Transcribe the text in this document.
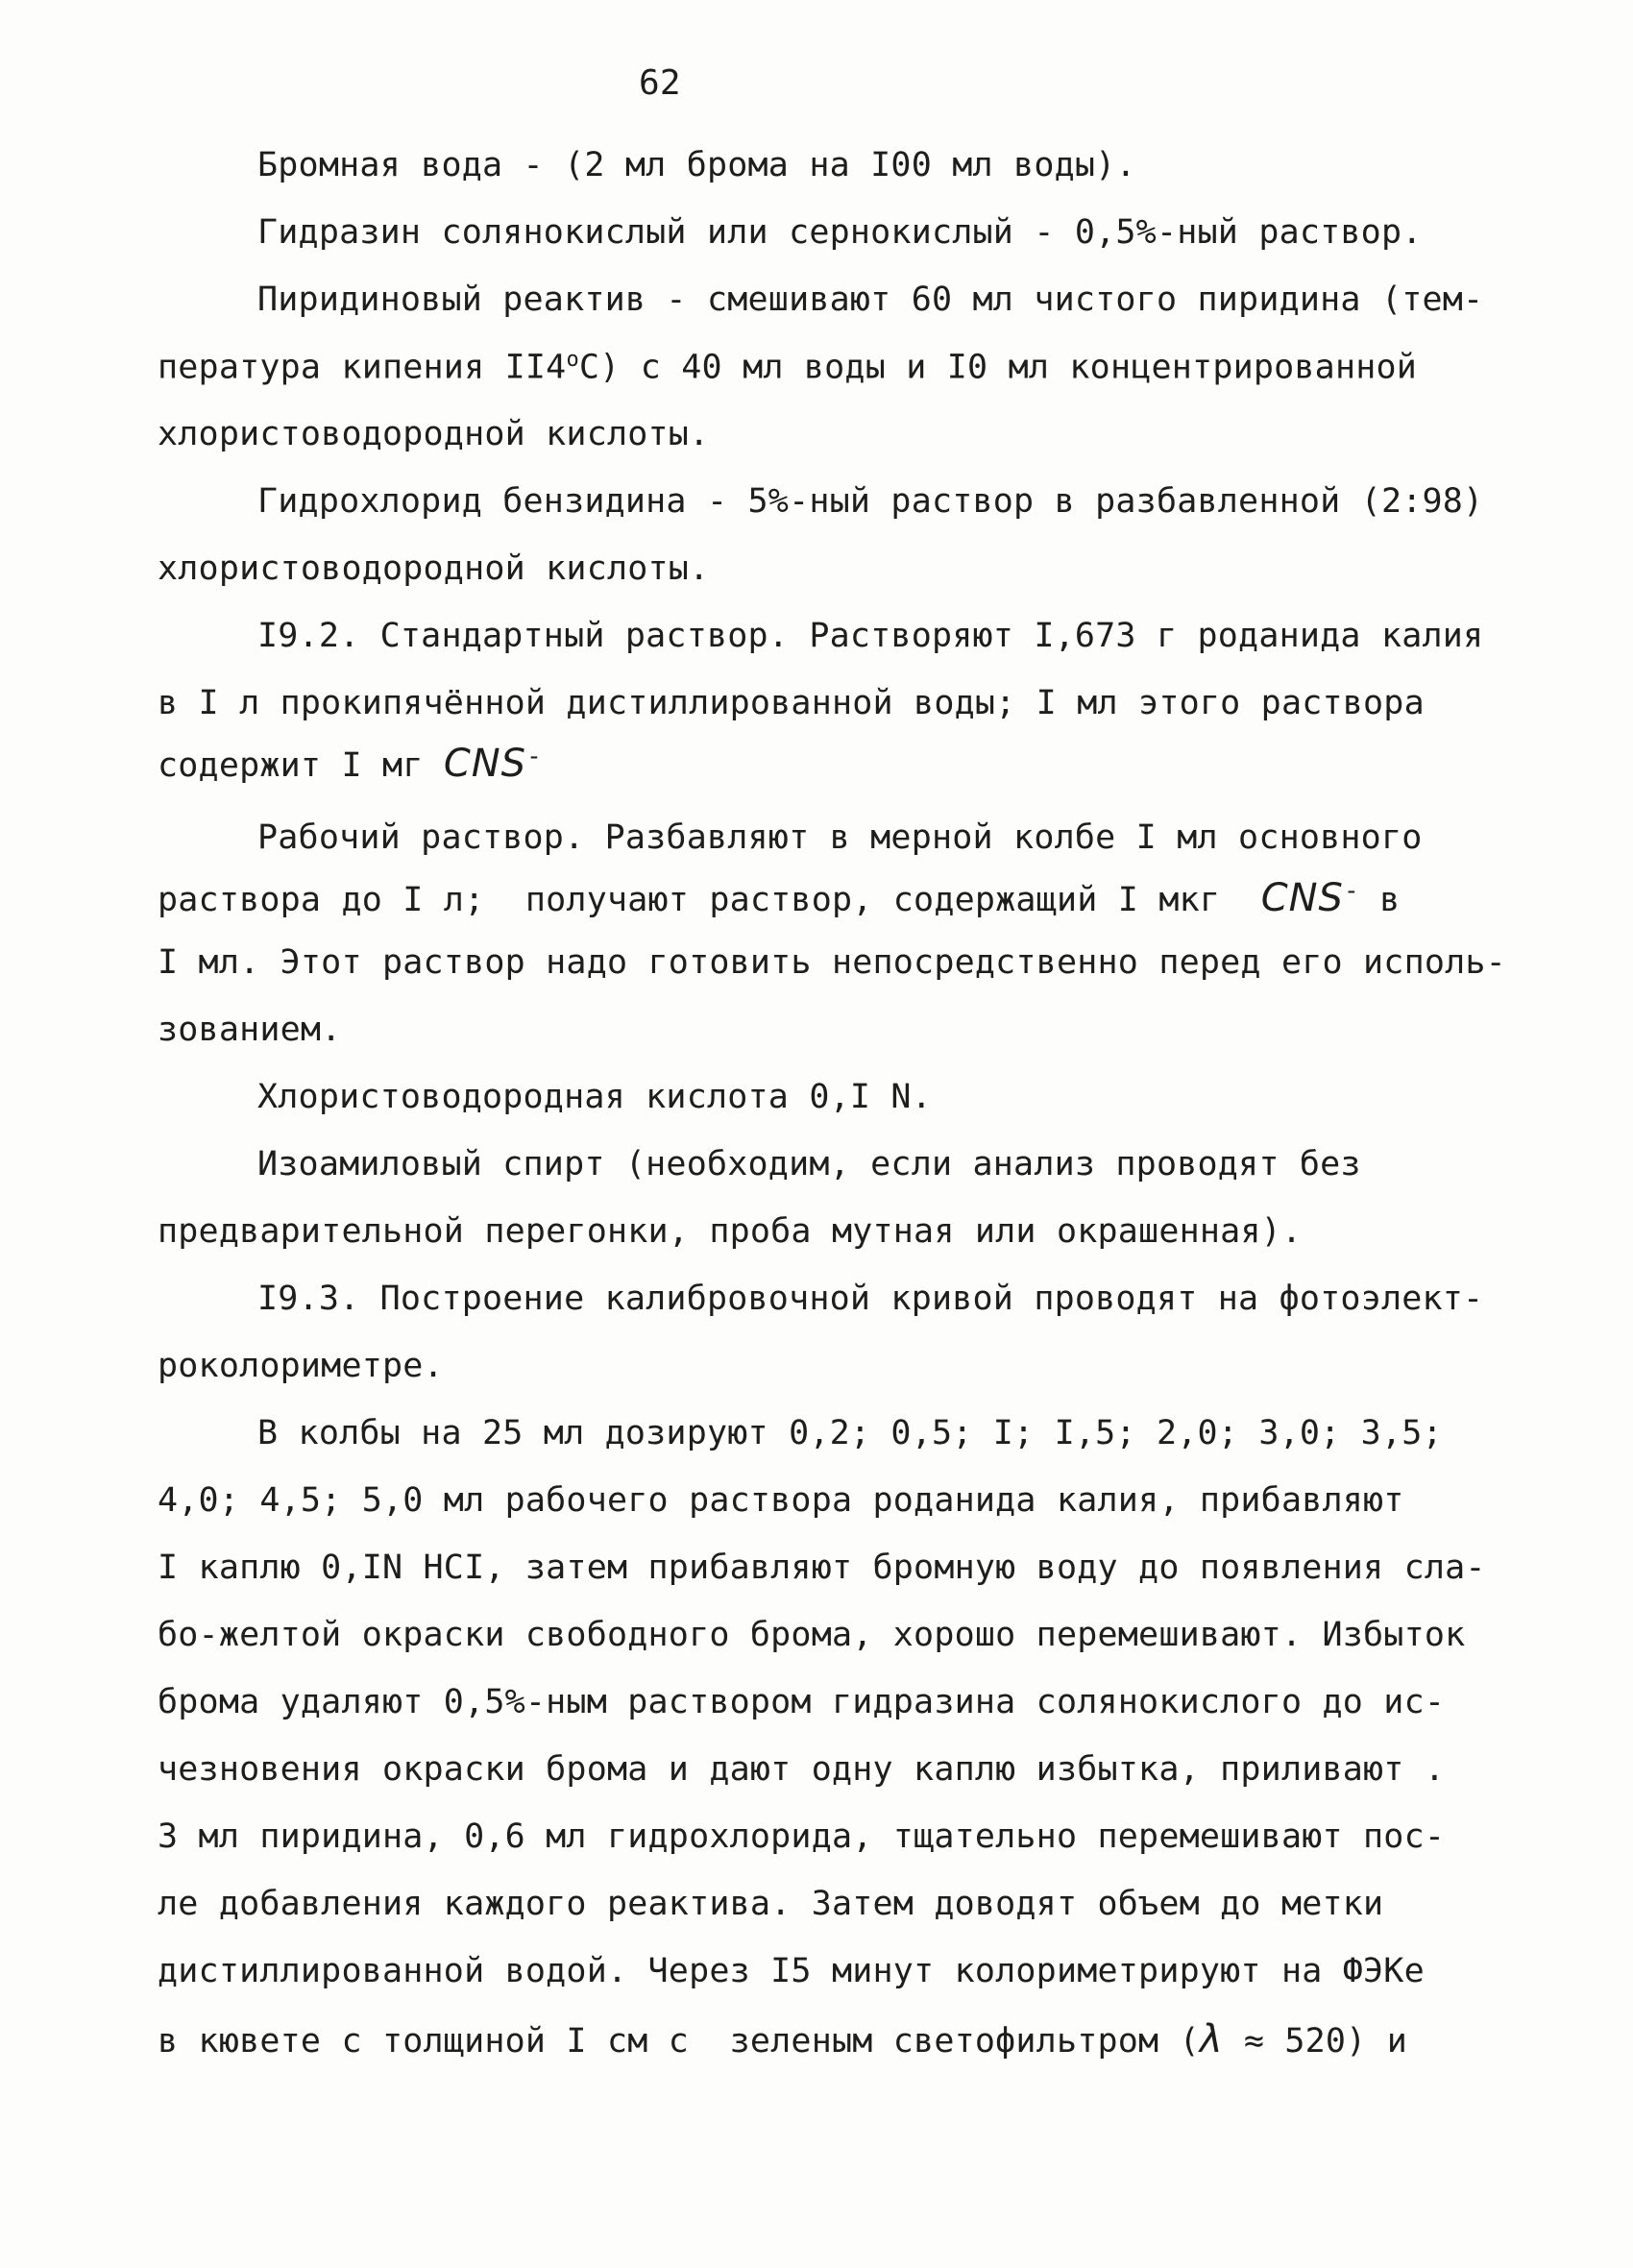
62
Бромная вода - (2 мл брома на I00 мл воды).
Гидразин солянокислый или сернокислый - 0,5%-ный раствор.
Пиридиновый реактив - смешивают 60 мл чистого пиридина (тем-
пература кипения II4$^o$С) с 40 мл воды и I0 мл концентрированной
хлористоводородной кислоты.
Гидрохлорид бензидина - 5%-ный раствор в разбавленной (2:98)
хлористоводородной кислоты.
I9.2. Стандартный раствор. Растворяют I,673 г роданида калия
в I л прокипячённой дистиллированной воды; I мл этого раствора
содержит I мг CNS-
Рабочий раствор. Разбавляют в мерной колбе I мл основного
раствора до I л;  получают раствор, содержащий I мкг  CNS- в
I мл. Этот раствор надо готовить непосредственно перед его исполь-
зованием.
Хлористоводородная кислота 0,I N.
Изоамиловый спирт (необходим, если анализ проводят без
предварительной перегонки, проба мутная или окрашенная).
I9.3. Построение калибровочной кривой проводят на фотоэлект-
роколориметре.
В колбы на 25 мл дозируют 0,2; 0,5; I; I,5; 2,0; 3,0; 3,5;
4,0; 4,5; 5,0 мл рабочего раствора роданида калия, прибавляют
I каплю 0,IN HCI, затем прибавляют бромную воду до появления сла-
бо-желтой окраски свободного брома, хорошо перемешивают. Избыток
брома удаляют 0,5%-ным раствором гидразина солянокислого до ис-
чезновения окраски брома и дают одну каплю избытка, приливают .
3 мл пиридина, 0,6 мл гидрохлорида, тщательно перемешивают пос-
ле добавления каждого реактива. Затем доводят объем до метки
дистиллированной водой. Через I5 минут колориметрируют на ФЭКе
в кювете с толщиной I см с  зеленым светофильтром (λ ≈ 520) и
